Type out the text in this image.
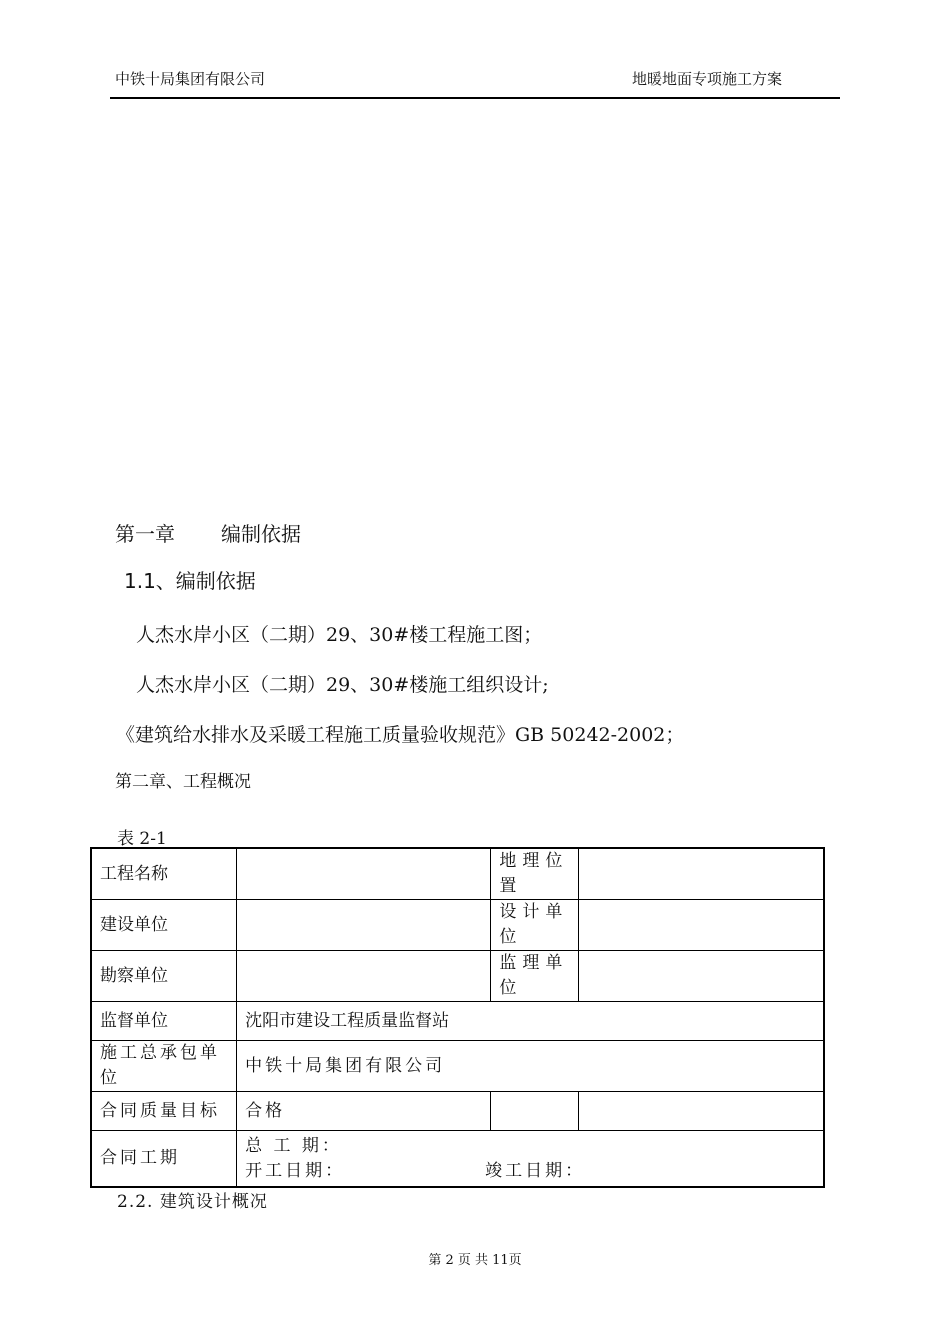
中铁十局集团有限公司	地暖地面专项施工方案
第一章 编制依据
1.1、编制依据
人杰水岸小区（二期）29、30#楼工程施工图；
人杰水岸小区（二期）29、30#楼施工组织设计;
《建筑给水排水及采暖工程施工质量验收规范》GB 50242-2002；
第二章、工程概况
表 2-1
工程名称		地理位置	
建设单位		设计单位	
勘察单位		监理单位	
监督单位	沈阳市建设工程质量监督站		
施工总承包单位	中铁十局集团有限公司		
合同质量目标	合格		
合同工期	总 工 期：
开工日期： 竣工日期：		
2.2. 建筑设计概况
第 2 页 共 11页
